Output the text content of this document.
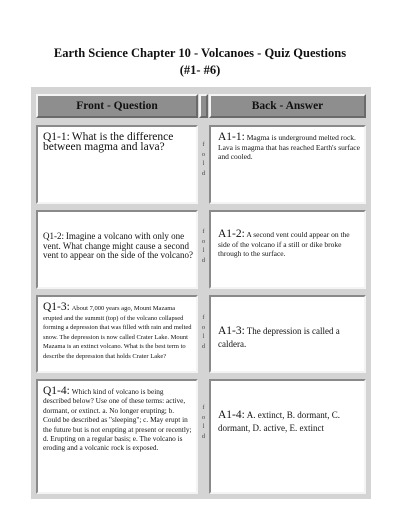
Earth Science Chapter 10 - Volcanoes - Quiz Questions
(#1- #6)
Front - Question	Back - Answer
Q1-1: What is the difference between magma and lava?	f
o
l
d
A1-1: Magma is underground melted rock. Lava is magma that has reached Earth's surface and cooled.
Q1-2: Imagine a volcano with only one vent. What change might cause a second vent to appear on the side of the volcano?
f
o
l
d
A1-2: A second vent could appear on the side of the volcano if a still or dike broke through to the surface.
Q1-3: About 7,000 years ago, Mount Mazama erupted and the summit (top) of the volcano collapsed forming a depression that was filled with rain and melted snow. The depression is now called Crater Lake. Mount Mazama is an extinct volcano. What is the best term to describe the depression that holds Crater Lake?
f
o
l
d
A1-3: The depression is called a caldera.
Q1-4: Which kind of volcano is being described below? Use one of these terms: active, dormant, or extinct. a. No longer erupting; b. Could be described as "sleeping"; c. May erupt in the future but is not erupting at present or recently; d. Erupting on a regular basis; e. The volcano is eroding and a volcanic rock is exposed.
f
o
l
d
A1-4: A. extinct, B. dormant, C. dormant, D. active, E. extinct
